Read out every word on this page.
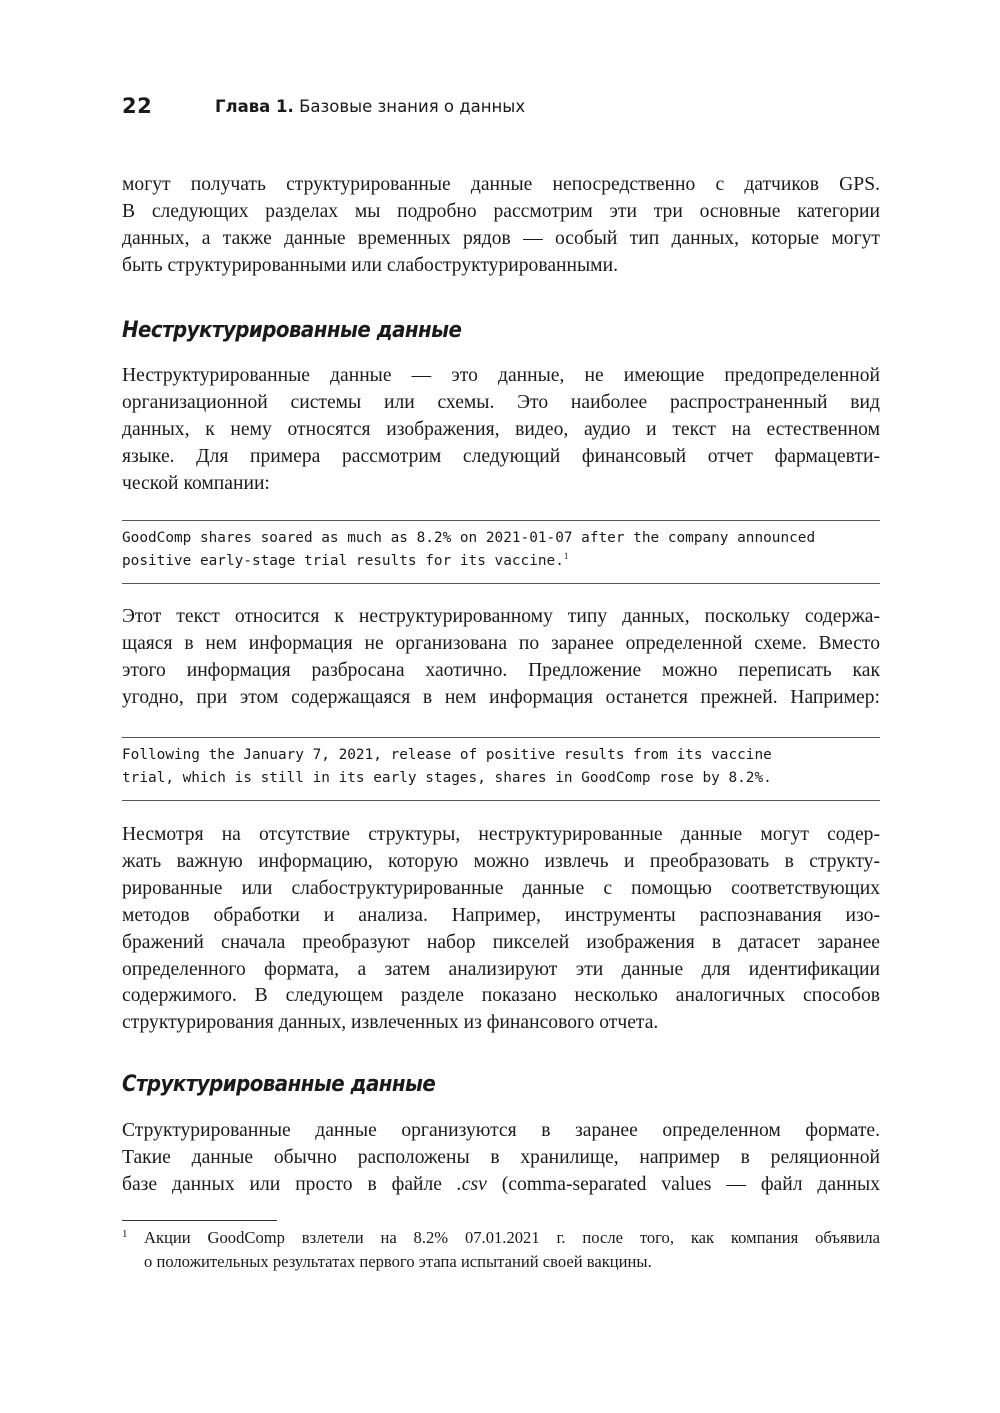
22	Глава 1. Базовые знания о данных

могут получать структурированные данные непосредственно с датчиков GPS.
В следующих разделах мы подробно рассмотрим эти три основные категории
данных, а также данные временных рядов — особый тип данных, которые могут
быть структурированными или слабоструктурированными.

Неструктурированные данные

Неструктурированные данные — это данные, не имеющие предопределенной
организационной системы или схемы. Это наиболее распространенный вид
данных, к нему относятся изображения, видео, аудио и текст на естественном
языке. Для примера рассмотрим следующий финансовый отчет фармацевти-
ческой компании:

GoodComp shares soared as much as 8.2% on 2021-01-07 after the company announced
positive early-stage trial results for its vaccine.$^1$

Этот текст относится к неструктурированному типу данных, поскольку содержа-
щаяся в нем информация не организована по заранее определенной схеме. Вместо
этого информация разбросана хаотично. Предложение можно переписать как
угодно, при этом содержащаяся в нем информация останется прежней. Например:

Following the January 7, 2021, release of positive results from its vaccine
trial, which is still in its early stages, shares in GoodComp rose by 8.2%.

Несмотря на отсутствие структуры, неструктурированные данные могут содер-
жать важную информацию, которую можно извлечь и преобразовать в структу-
рированные или слабоструктурированные данные с помощью соответствующих
методов обработки и анализа. Например, инструменты распознавания изо-
бражений сначала преобразуют набор пикселей изображения в датасет заранее
определенного формата, а затем анализируют эти данные для идентификации
содержимого. В следующем разделе показано несколько аналогичных способов
структурирования данных, извлеченных из финансового отчета.

Структурированные данные

Структурированные данные организуются в заранее определенном формате.
Такие данные обычно расположены в хранилище, например в реляционной
базе данных или просто в файле .csv (comma-separated values — файл данных

1 Акции GoodComp взлетели на 8.2% 07.01.2021 г. после того, как компания объявила
о положительных результатах первого этапа испытаний своей вакцины.
